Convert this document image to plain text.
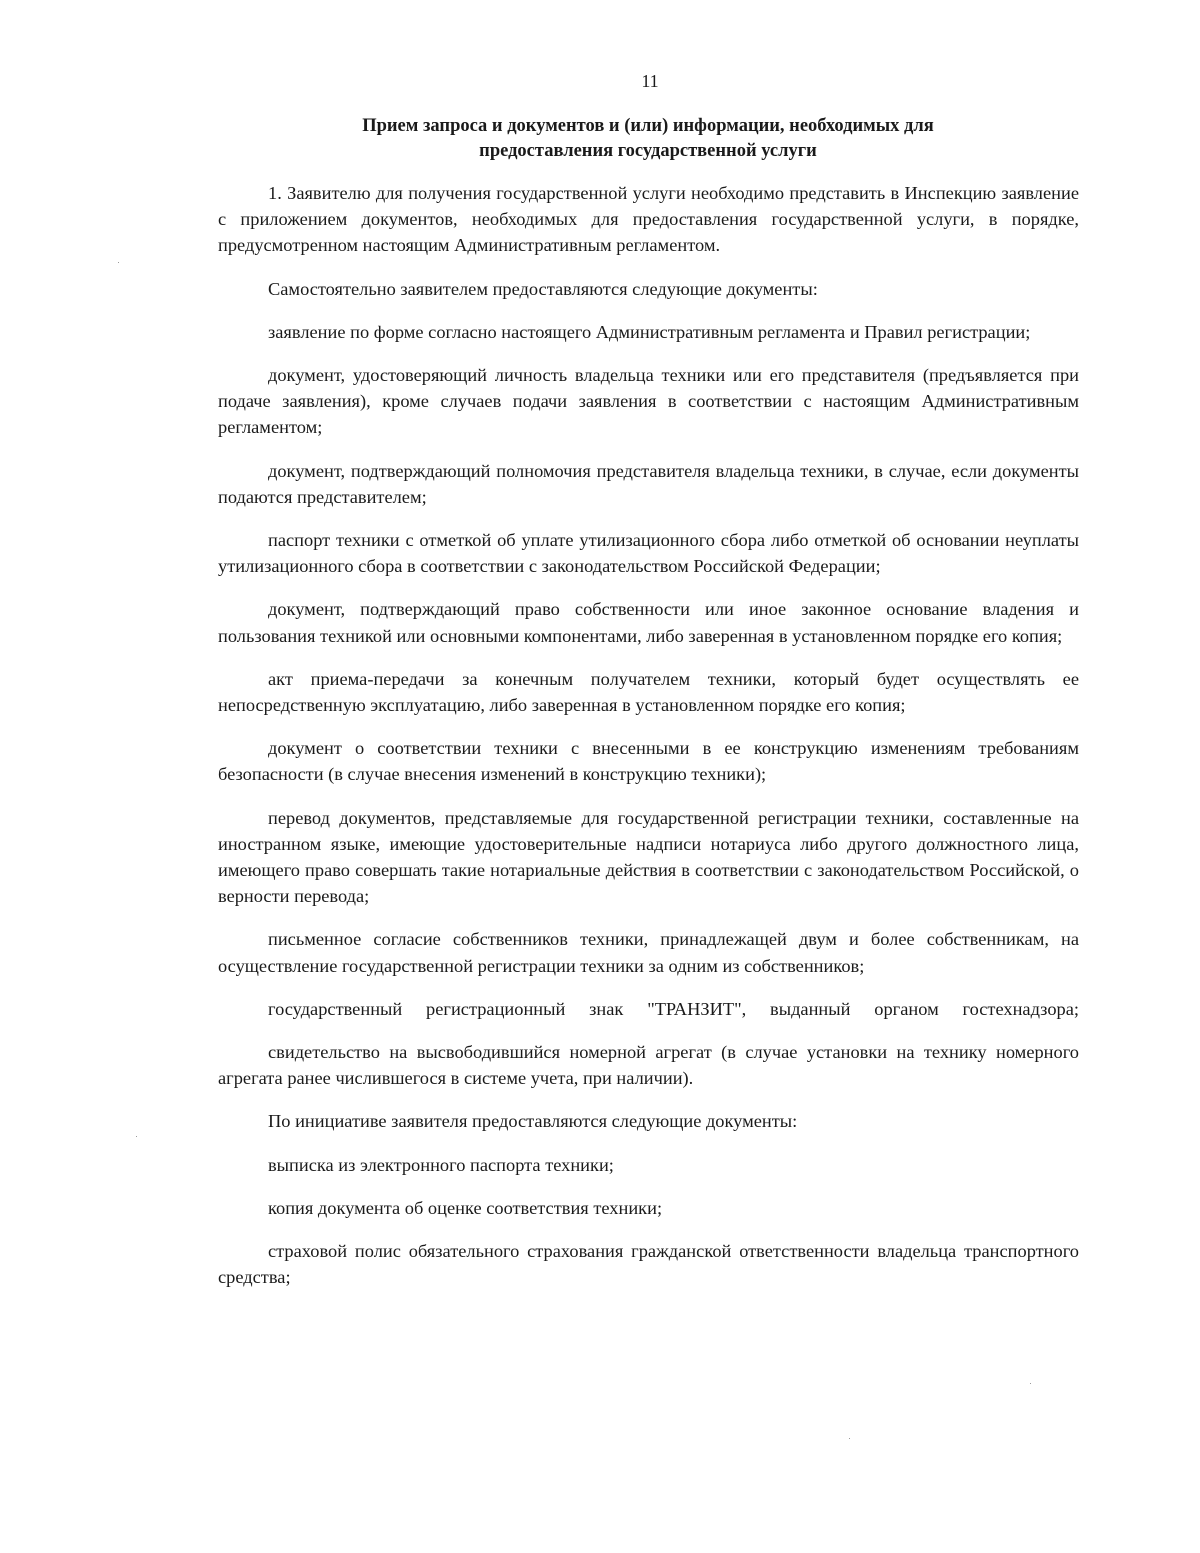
11
Прием запроса и документов и (или) информации, необходимых для
предоставления государственной услуги

1. Заявителю для получения государственной услуги необходимо представить в Инспекцию заявление с приложением документов, необходимых для предоставления государственной услуги, в порядке, предусмотренном настоящим Административным регламентом.

Самостоятельно заявителем предоставляются следующие документы:

заявление по форме согласно настоящего Административным регламента и Правил регистрации;

документ, удостоверяющий личность владельца техники или его представителя (предъявляется при подаче заявления), кроме случаев подачи заявления в соответствии с настоящим Административным регламентом;

документ, подтверждающий полномочия представителя владельца техники, в случае, если документы подаются представителем;

паспорт техники с отметкой об уплате утилизационного сбора либо отметкой об основании неуплаты утилизационного сбора в соответствии с законодательством Российской Федерации;

документ, подтверждающий право собственности или иное законное основание владения и пользования техникой или основными компонентами, либо заверенная в установленном порядке его копия;

акт приема-передачи за конечным получателем техники, который будет осуществлять ее непосредственную эксплуатацию, либо заверенная в установленном порядке его копия;

документ о соответствии техники с внесенными в ее конструкцию изменениям требованиям безопасности (в случае внесения изменений в конструкцию техники);

перевод документов, представляемые для государственной регистрации техники, составленные на иностранном языке, имеющие удостоверительные надписи нотариуса либо другого должностного лица, имеющего право совершать такие нотариальные действия в соответствии с законодательством Российской, о верности перевода;

письменное согласие собственников техники, принадлежащей двум и более собственникам, на осуществление государственной регистрации техники за одним из собственников;

государственный регистрационный знак "ТРАНЗИТ", выданный органом гостехнадзора;

свидетельство на высвободившийся номерной агрегат (в случае установки на технику номерного агрегата ранее числившегося в системе учета, при наличии).

По инициативе заявителя предоставляются следующие документы:

выписка из электронного паспорта техники;

копия документа об оценке соответствия техники;

страховой полис обязательного страхования гражданской ответственности владельца транспортного средства;
